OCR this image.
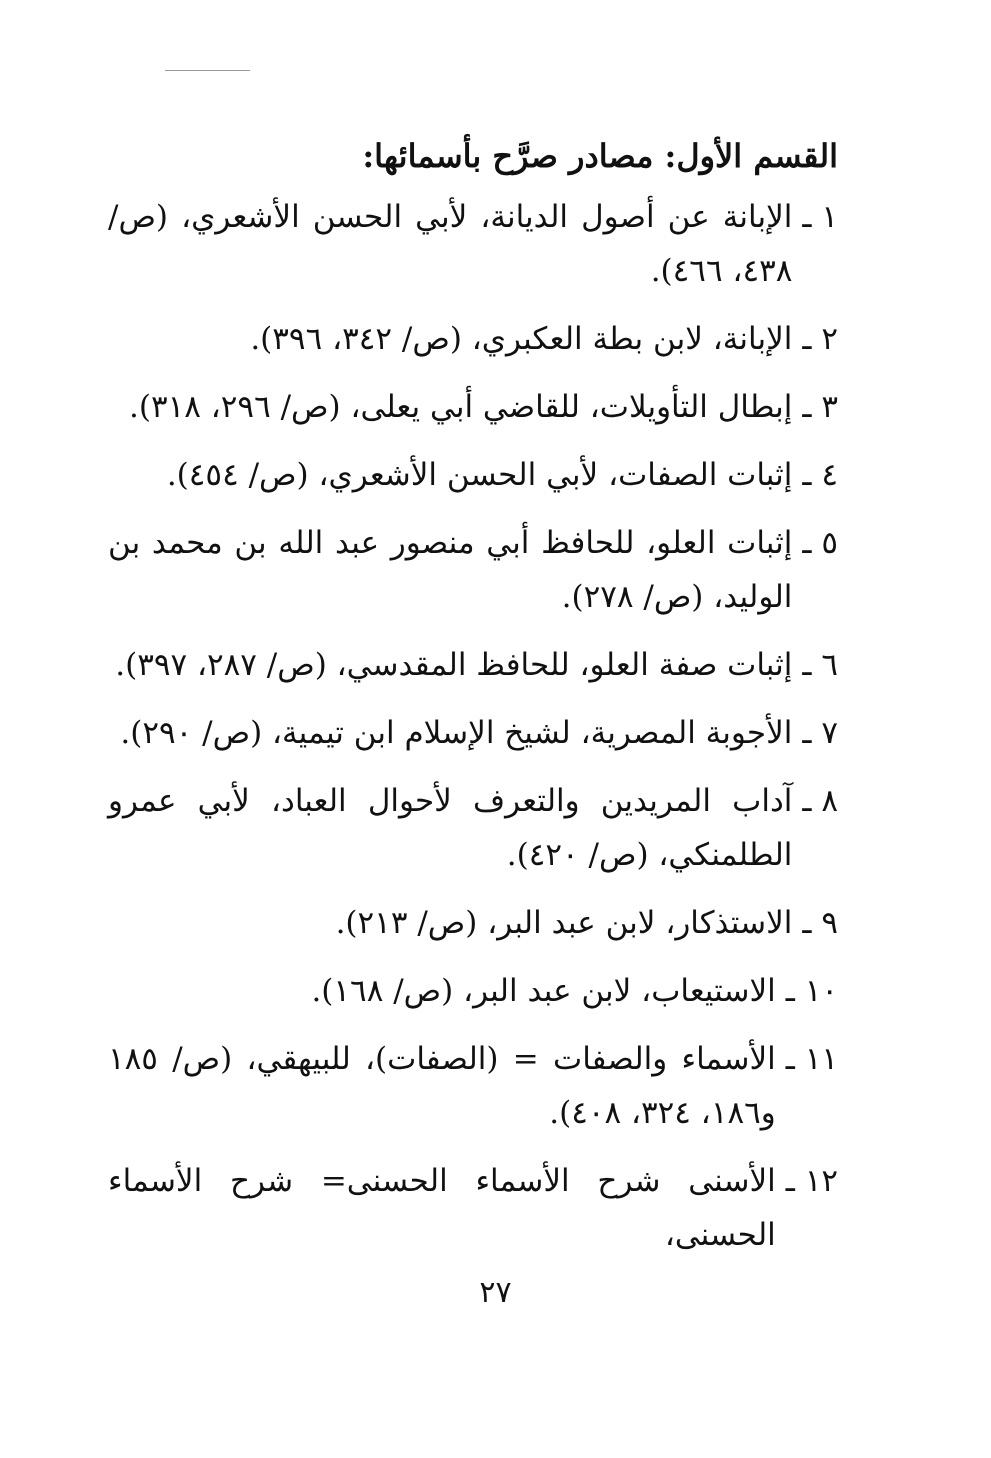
القسم الأول: مصادر صرَّح بأسمائها:
١ ـ
الإبانة عن أصول الديانة، لأبي الحسن الأشعري، (ص/ ٤٣٨، ٤٦٦).
٢ ـ
الإبانة، لابن بطة العكبري، (ص/ ٣٤٢، ٣٩٦).
٣ ـ
إبطال التأويلات، للقاضي أبي يعلى، (ص/ ٢٩٦، ٣١٨).
٤ ـ
إثبات الصفات، لأبي الحسن الأشعري، (ص/ ٤٥٤).
٥ ـ
إثبات العلو، للحافظ أبي منصور عبد الله بن محمد بن الوليد، (ص/ ٢٧٨).
٦ ـ
إثبات صفة العلو، للحافظ المقدسي، (ص/ ٢٨٧، ٣٩٧).
٧ ـ
الأجوبة المصرية، لشيخ الإسلام ابن تيمية، (ص/ ٢٩٠).
٨ ـ
آداب المريدين والتعرف لأحوال العباد، لأبي عمرو الطلمنكي، (ص/ ٤٢٠).
٩ ـ
الاستذكار، لابن عبد البر، (ص/ ٢١٣).
١٠ ـ
الاستيعاب، لابن عبد البر، (ص/ ١٦٨).
١١ ـ
الأسماء والصفات = (الصفات)، للبيهقي، (ص/ ١٨٥ و١٨٦، ٣٢٤، ٤٠٨).
١٢ ـ
الأسنى شرح الأسماء الحسنى= شرح الأسماء الحسنى،
٢٧
